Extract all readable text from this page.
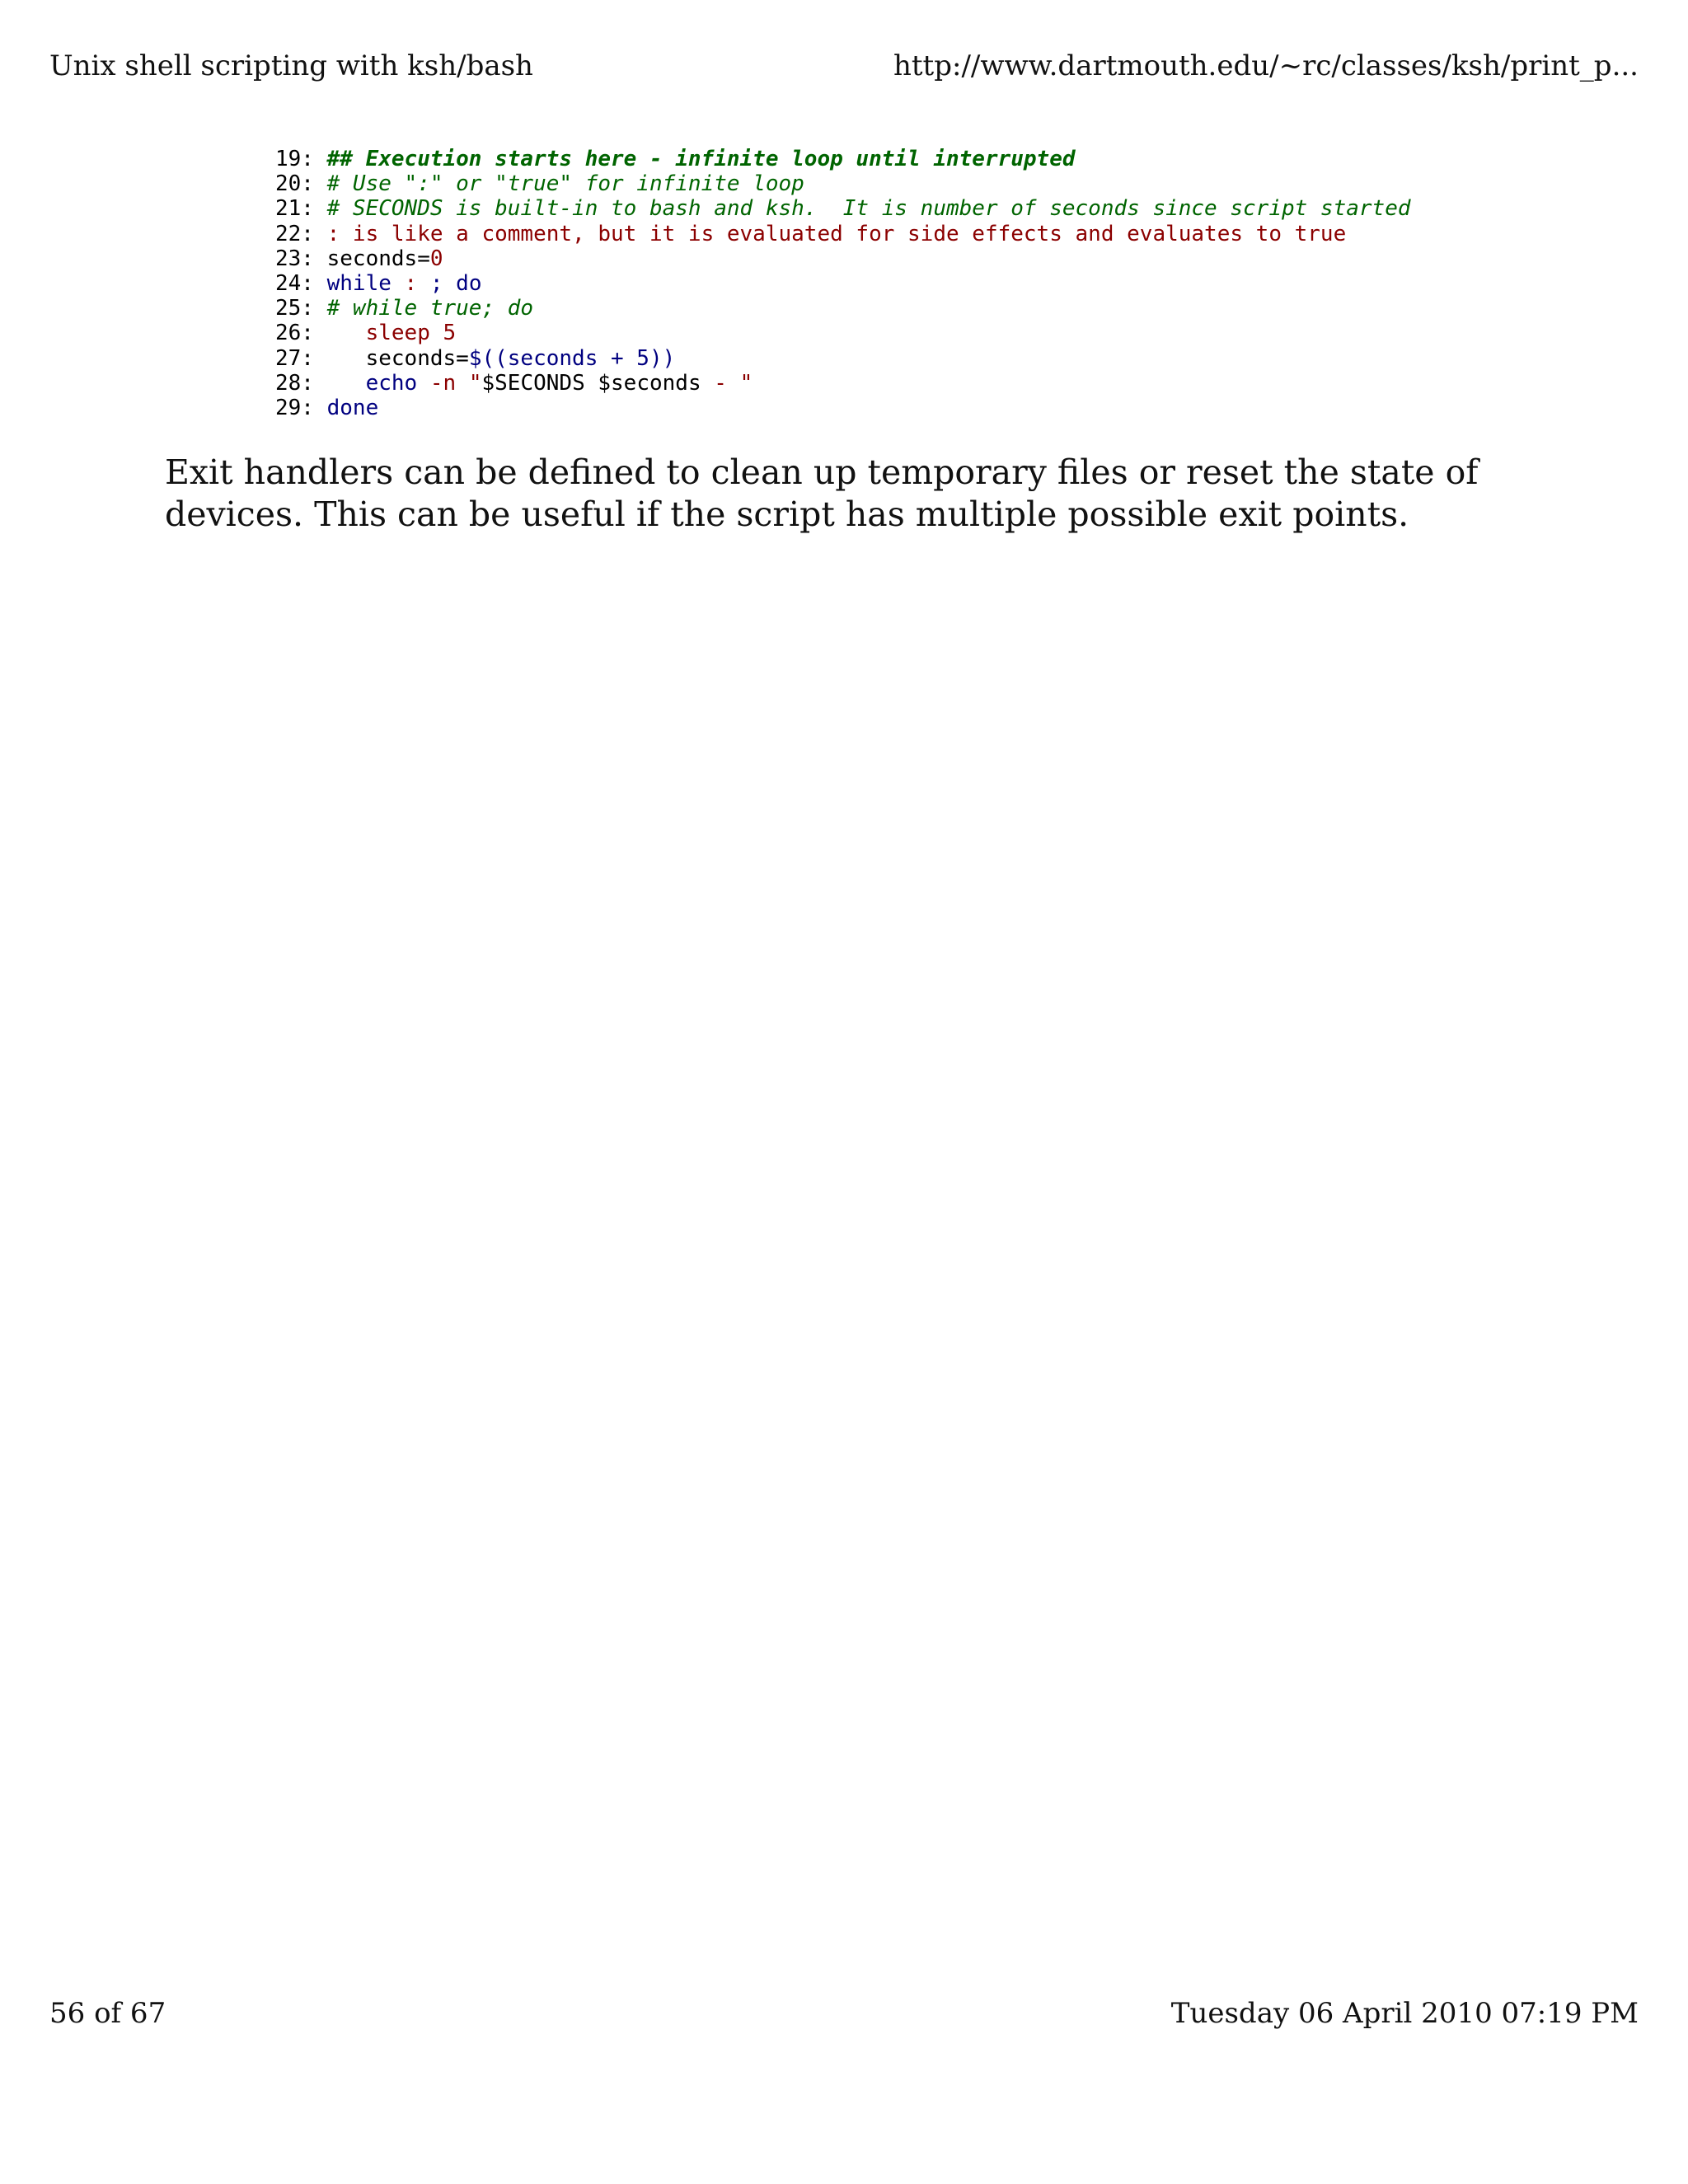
Unix shell scripting with ksh/bash	http://www.dartmouth.edu/~rc/classes/ksh/print_p...
19: ## Execution starts here - infinite loop until interrupted
20: # Use ":" or "true" for infinite loop
21: # SECONDS is built-in to bash and ksh.  It is number of seconds since script started
22: : is like a comment, but it is evaluated for side effects and evaluates to true
23: seconds=0
24: while : ; do
25: # while true; do
26: sleep 5
27:    seconds=$((seconds + 5))
28: echo -n "$SECONDS $seconds - "
29: done

Exit handlers can be defined to clean up temporary files or reset the state of devices. This can be useful if the script has multiple possible exit points.

56 of 67	Tuesday 06 April 2010 07:19 PM
